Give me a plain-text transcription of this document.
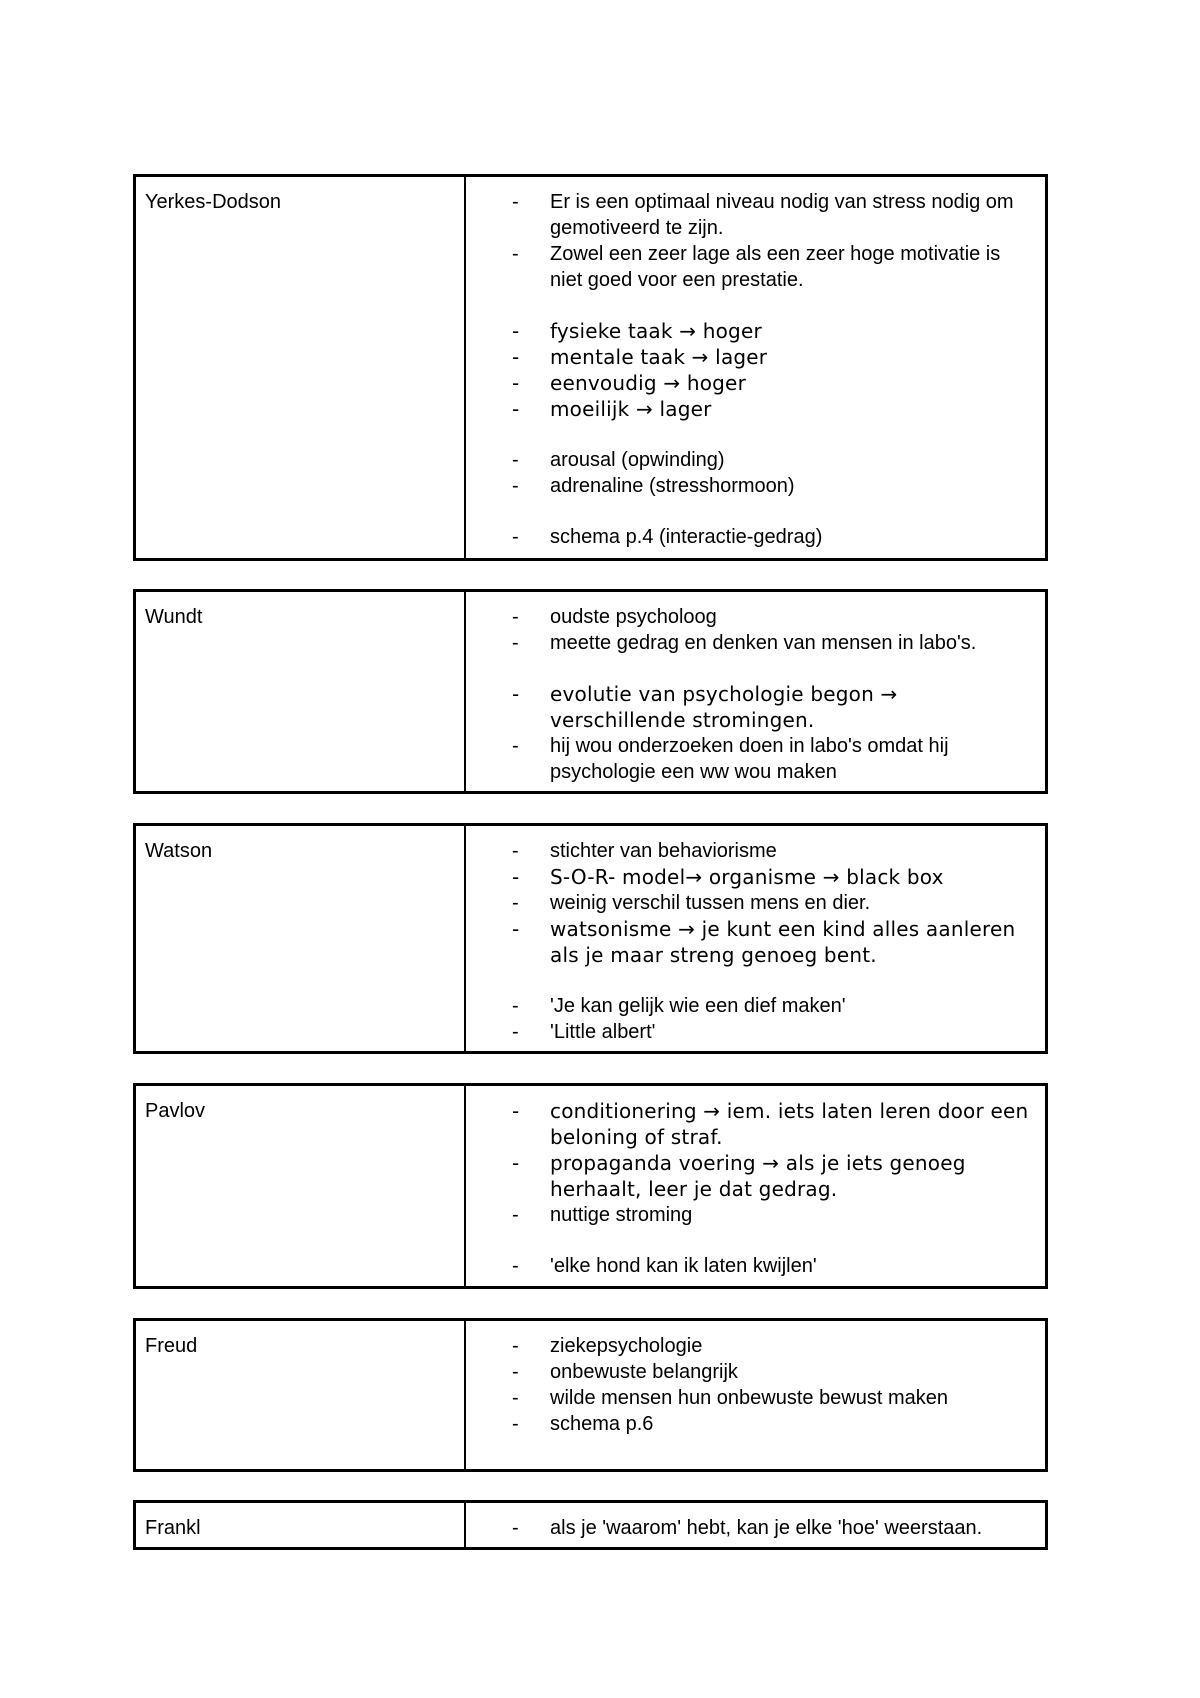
Yerkes-Dodson	- Er is een optimaal niveau nodig van stress nodig om gemotiveerd te zijn.
- Zowel een zeer lage als een zeer hoge motivatie is niet goed voor een prestatie.
- fysieke taak → hoger
- mentale taak → lager
- eenvoudig → hoger
- moeilijk → lager
- arousal (opwinding)
- adrenaline (stresshormoon)
- schema p.4 (interactie-gedrag)
Wundt	- oudste psycholoog
- meette gedrag en denken van mensen in labo's.
- evolutie van psychologie begon → verschillende stromingen.
- hij wou onderzoeken doen in labo's omdat hij psychologie een ww wou maken
Watson	- stichter van behaviorisme
- S-O-R- model→ organisme → black box
- weinig verschil tussen mens en dier.
- watsonisme → je kunt een kind alles aanleren als je maar streng genoeg bent.
- 'Je kan gelijk wie een dief maken'
- 'Little albert'
Pavlov	- conditionering → iem. iets laten leren door een beloning of straf.
- propaganda voering → als je iets genoeg herhaalt, leer je dat gedrag.
- nuttige stroming
- 'elke hond kan ik laten kwijlen'
Freud	- ziekepsychologie
- onbewuste belangrijk
- wilde mensen hun onbewuste bewust maken
- schema p.6
Frankl	- als je 'waarom' hebt, kan je elke 'hoe' weerstaan.
